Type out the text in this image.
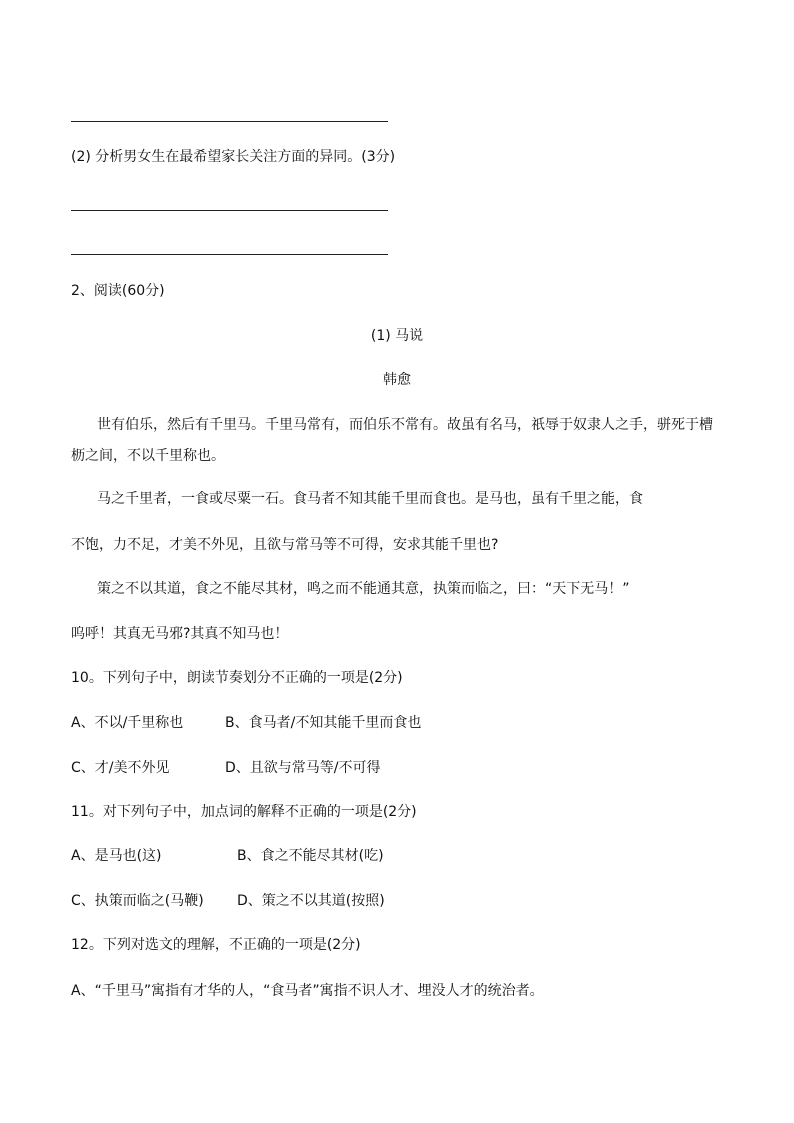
(2) 分析男女生在最希望家长关注方面的异同。(3分)
2、阅读(60分)
(1) 马说
韩愈
世有伯乐，然后有千里马。千里马常有，而伯乐不常有。故虽有名马，祇辱于奴隶人之手，骈死于槽
枥之间，不以千里称也。
马之千里者，一食或尽粟一石。食马者不知其能千里而食也。是马也，虽有千里之能，食
不饱，力不足，才美不外见，且欲与常马等不可得，安求其能千里也?
策之不以其道，食之不能尽其材，鸣之而不能通其意，执策而临之，曰：“天下无马！”
呜呼！其真无马邪?其真不知马也！
10。下列句子中，朗读节奏划分不正确的一项是(2分)
A、不以/千里称也	B、食马者/不知其能千里而食也
C、才/美不外见	D、且欲与常马等/不可得
11。对下列句子中，加点词的解释不正确的一项是(2分)
A、是马也(这)	B、食之不能尽其材(吃)
C、执策而临之(马鞭) D、策之不以其道(按照)
12。下列对选文的理解，不正确的一项是(2分)
A、“千里马”寓指有才华的人，“食马者”寓指不识人才、埋没人才的统治者。
